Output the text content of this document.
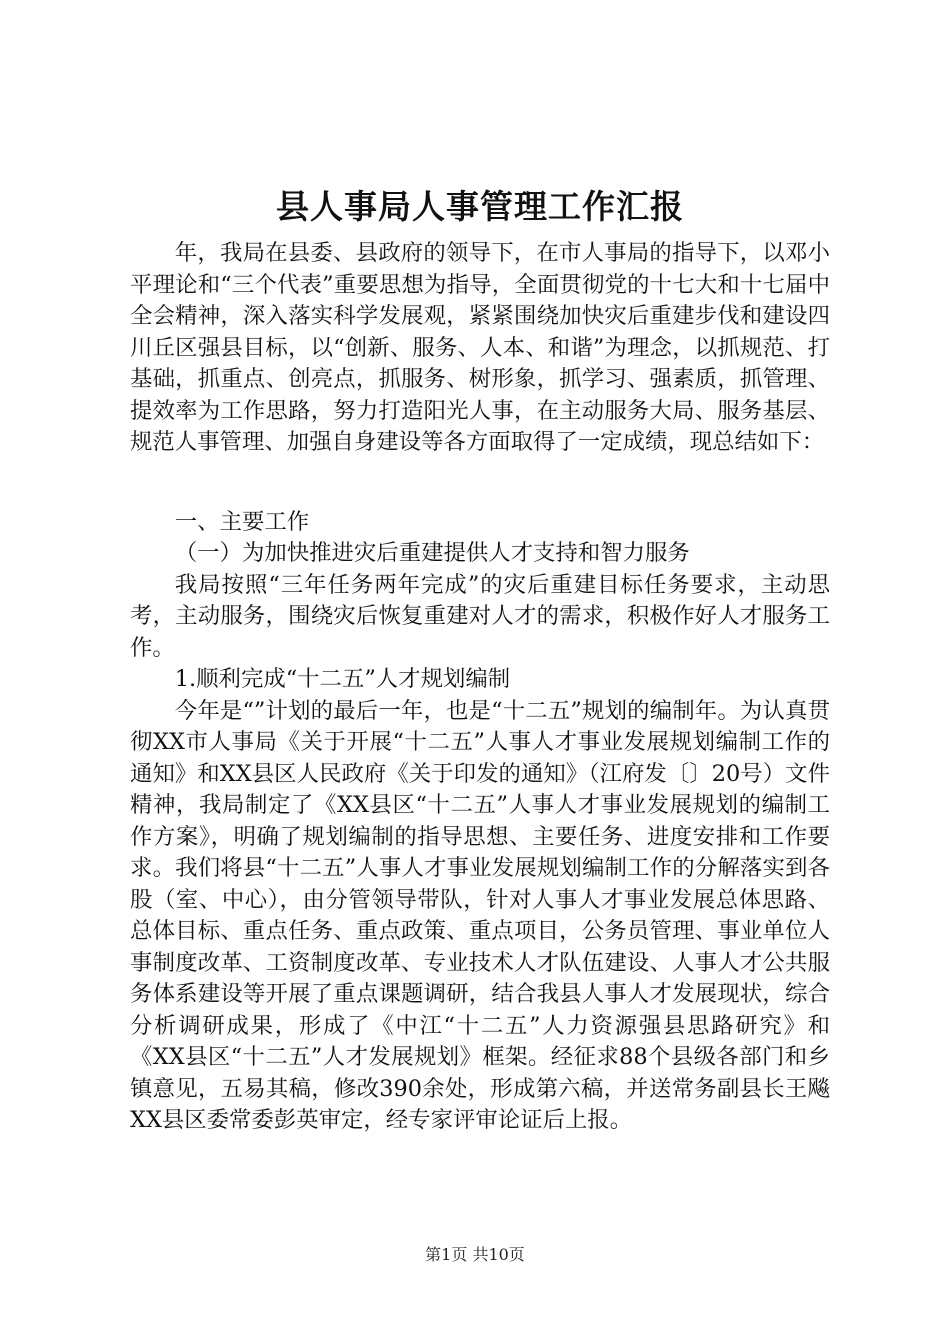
县人事局人事管理工作汇报

年，我局在县委、县政府的领导下，在市人事局的指导下，以邓小平理论和“三个代表”重要思想为指导，全面贯彻党的十七大和十七届中全会精神，深入落实科学发展观，紧紧围绕加快灾后重建步伐和建设四川丘区强县目标，以“创新、服务、人本、和谐”为理念，以抓规范、打基础，抓重点、创亮点，抓服务、树形象，抓学习、强素质，抓管理、提效率为工作思路，努力打造阳光人事，在主动服务大局、服务基层、规范人事管理、加强自身建设等各方面取得了一定成绩，现总结如下：

一、主要工作

（一）为加快推进灾后重建提供人才支持和智力服务

我局按照“三年任务两年完成”的灾后重建目标任务要求，主动思考，主动服务，围绕灾后恢复重建对人才的需求，积极作好人才服务工作。

1.顺利完成“十二五”人才规划编制

今年是“”计划的最后一年，也是“十二五”规划的编制年。为认真贯彻XX市人事局《关于开展“十二五”人事人才事业发展规划编制工作的通知》和XX县区人民政府《关于印发的通知》（江府发〔〕20号）文件精神，我局制定了《XX县区“十二五”人事人才事业发展规划的编制工作方案》，明确了规划编制的指导思想、主要任务、进度安排和工作要求。我们将县“十二五”人事人才事业发展规划编制工作的分解落实到各股（室、中心），由分管领导带队，针对人事人才事业发展总体思路、总体目标、重点任务、重点政策、重点项目，公务员管理、事业单位人事制度改革、工资制度改革、专业技术人才队伍建设、人事人才公共服务体系建设等开展了重点课题调研，结合我县人事人才发展现状，综合分析调研成果，形成了《中江“十二五”人力资源强县思路研究》和《XX县区“十二五”人才发展规划》框架。经征求88个县级各部门和乡镇意见，五易其稿，修改390余处，形成第六稿，并送常务副县长王飚XX县区委常委彭英审定，经专家评审论证后上报。

第1页 共10页
